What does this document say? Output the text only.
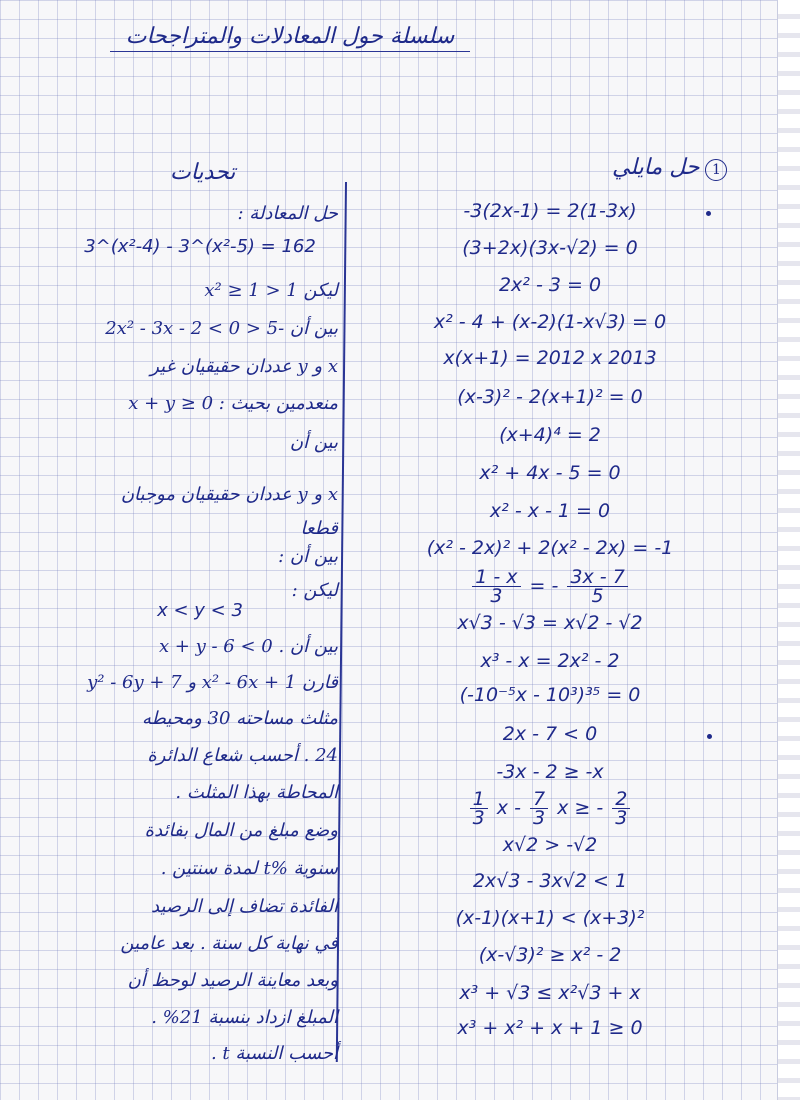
سلسلة حول المعادلات والمتراجحات
1حل مايلي
تحديات
-3(2x-1) = 2(1-3x)
(3+2x)(3x-√2) = 0
2x² - 3 = 0
x² - 4 + (x-2)(1-x√3) = 0
x(x+1) = 2012 x 2013
(x-3)² - 2(x+1)² = 0
(x+4)⁴ = 2
x² + 4x - 5 = 0
x² - x - 1 = 0
(x² - 2x)² + 2(x² - 2x) = -1
$\frac{1 - x}{3}$ = - $\frac{3x - 7}{5}$
x√3 - √3 = x√2 - √2
x³ - x = 2x² - 2
(-10⁻⁵x - 10³)³⁵ = 0
2x - 7 < 0
-3x - 2 ≥ -x
$\frac{1}{3}$ x - $\frac{7}{3}$ x ≥ - $\frac{2}{3}$
x√2 > -√2
2x√3 - 3x√2 < 1
(x-1)(x+1) < (x+3)²
(x-√3)² ≥ x² - 2
x³ + √3 ≤ x²√3 + x
x³ + x² + x + 1 ≥ 0
حل المعادلة :
3^(x²-4) - 3^(x²-5) = 162
ليكن 1 < x² ≥ 1
بين أن -5 < 2x² - 3x - 2 < 0
x و y عددان حقيقيان غير
منعدمين بحيث : x + y ≥ 0
بين أن
x و y عددان حقيقيان موجبان
قطعا
بين أن :
ليكن :
x < y < 3
بين أن . x + y - 6 < 0
قارن x² - 6x + 1 و y² - 6y + 7
مثلث مساحته 30 ومحيطه
24 . أحسب شعاع الدائرة
المحاطة بهذا المثلث .
وضع مبلغ من المال بفائدة
سنوية %t لمدة سنتين .
الفائدة تضاف إلى الرصيد
في نهاية كل سنة . بعد عامين
وبعد معاينة الرصيد لوحظ أن
المبلغ ازداد بنسبة 21% .
أحسب النسبة t .
